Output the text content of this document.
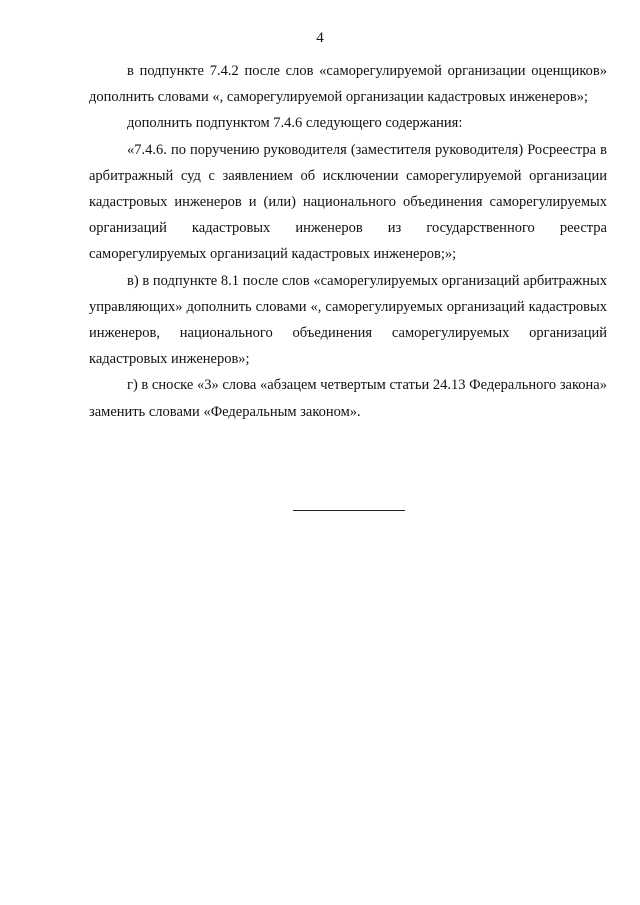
4

в подпункте 7.4.2 после слов «саморегулируемой организации оценщиков» дополнить словами «, саморегулируемой организации кадастровых инженеров»;

дополнить подпунктом 7.4.6 следующего содержания:

«7.4.6. по поручению руководителя (заместителя руководителя) Росреестра в арбитражный суд с заявлением об исключении саморегулируемой организации кадастровых инженеров и (или) национального объединения саморегулируемых организаций кадастровых инженеров из государственного реестра саморегулируемых организаций кадастровых инженеров;»;

в) в подпункте 8.1 после слов «саморегулируемых организаций арбитражных управляющих» дополнить словами «, саморегулируемых организаций кадастровых инженеров, национального объединения саморегулируемых организаций кадастровых инженеров»;

г) в сноске «3» слова «абзацем четвертым статьи 24.13 Федерального закона» заменить словами «Федеральным законом».
